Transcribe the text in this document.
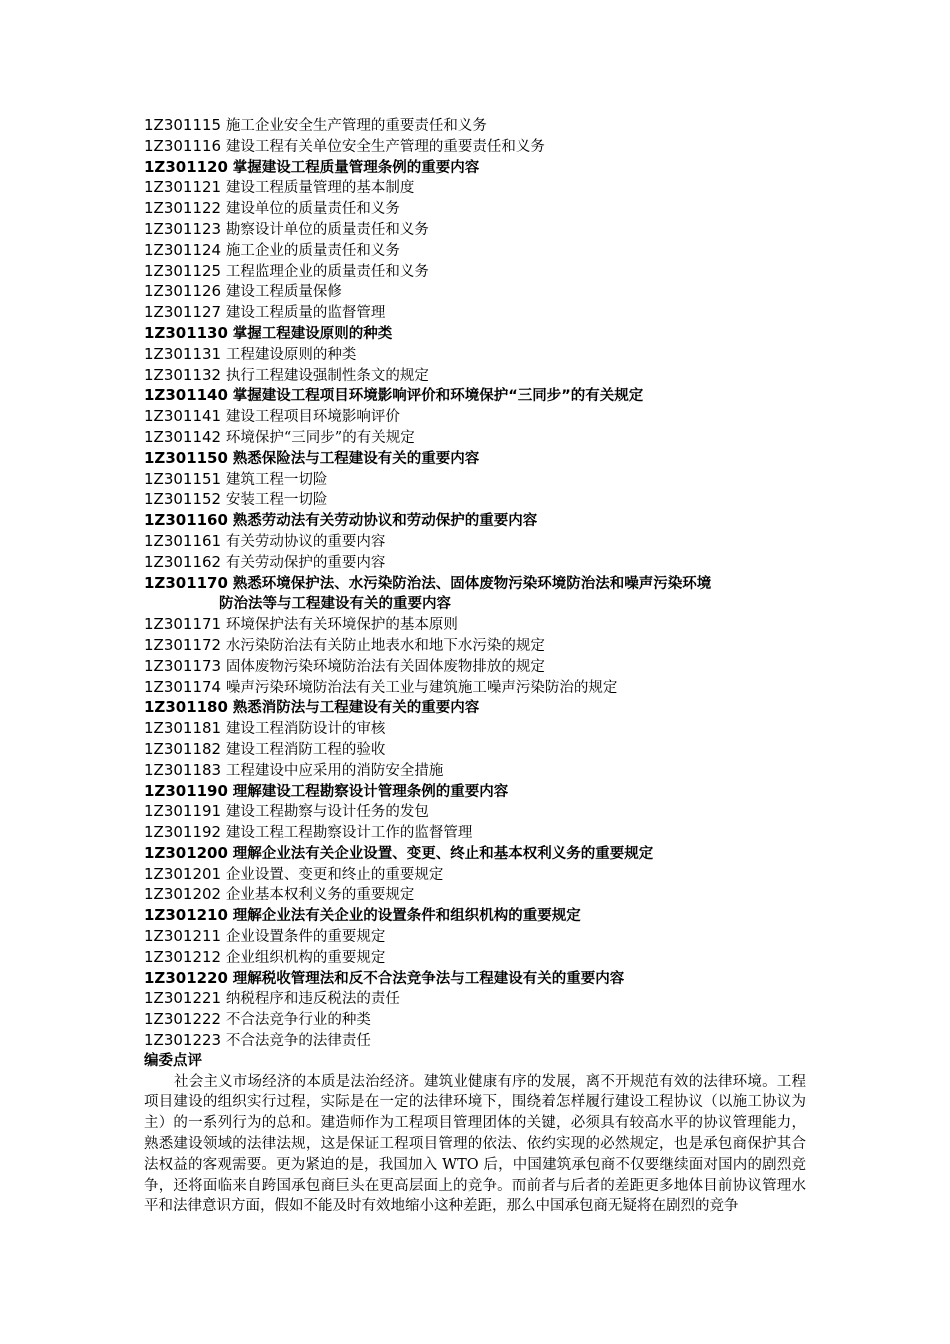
1Z301115 施工企业安全生产管理的重要责任和义务
1Z301116 建设工程有关单位安全生产管理的重要责任和义务
1Z301120 掌握建设工程质量管理条例的重要内容
1Z301121 建设工程质量管理的基本制度
1Z301122 建设单位的质量责任和义务
1Z301123 勘察设计单位的质量责任和义务
1Z301124 施工企业的质量责任和义务
1Z301125 工程监理企业的质量责任和义务
1Z301126 建设工程质量保修
1Z301127 建设工程质量的监督管理
1Z301130 掌握工程建设原则的种类
1Z301131 工程建设原则的种类
1Z301132 执行工程建设强制性条文的规定
1Z301140 掌握建设工程项目环境影响评价和环境保护“三同步”的有关规定
1Z301141 建设工程项目环境影响评价
1Z301142 环境保护“三同步”的有关规定
1Z301150 熟悉保险法与工程建设有关的重要内容
1Z301151 建筑工程一切险
1Z301152 安装工程一切险
1Z301160 熟悉劳动法有关劳动协议和劳动保护的重要内容
1Z301161 有关劳动协议的重要内容
1Z301162 有关劳动保护的重要内容
1Z301170 熟悉环境保护法、水污染防治法、固体废物污染环境防治法和噪声污染环境
防治法等与工程建设有关的重要内容
1Z301171 环境保护法有关环境保护的基本原则
1Z301172 水污染防治法有关防止地表水和地下水污染的规定
1Z301173 固体废物污染环境防治法有关固体废物排放的规定
1Z301174 噪声污染环境防治法有关工业与建筑施工噪声污染防治的规定
1Z301180 熟悉消防法与工程建设有关的重要内容
1Z301181 建设工程消防设计的审核
1Z301182 建设工程消防工程的验收
1Z301183 工程建设中应采用的消防安全措施
1Z301190 理解建设工程勘察设计管理条例的重要内容
1Z301191 建设工程勘察与设计任务的发包
1Z301192 建设工程工程勘察设计工作的监督管理
1Z301200 理解企业法有关企业设置、变更、终止和基本权利义务的重要规定
1Z301201 企业设置、变更和终止的重要规定
1Z301202 企业基本权利义务的重要规定
1Z301210 理解企业法有关企业的设置条件和组织机构的重要规定
1Z301211 企业设置条件的重要规定
1Z301212 企业组织机构的重要规定
1Z301220 理解税收管理法和反不合法竞争法与工程建设有关的重要内容
1Z301221 纳税程序和违反税法的责任
1Z301222 不合法竞争行业的种类
1Z301223 不合法竞争的法律责任
编委点评
社会主义市场经济的本质是法治经济。建筑业健康有序的发展，离不开规范有效的法律环境。工程项目建设的组织实行过程，实际是在一定的法律环境下，围绕着怎样履行建设工程协议（以施工协议为主）的一系列行为的总和。建造师作为工程项目管理团体的关键，必须具有较高水平的协议管理能力，熟悉建设领域的法律法规，这是保证工程项目管理的依法、依约实现的必然规定，也是承包商保护其合法权益的客观需要。更为紧迫的是，我国加入 WTO 后，中国建筑承包商不仅要继续面对国内的剧烈竞争，还将面临来自跨国承包商巨头在更高层面上的竞争。而前者与后者的差距更多地体目前协议管理水平和法律意识方面，假如不能及时有效地缩小这种差距，那么中国承包商无疑将在剧烈的竞争
